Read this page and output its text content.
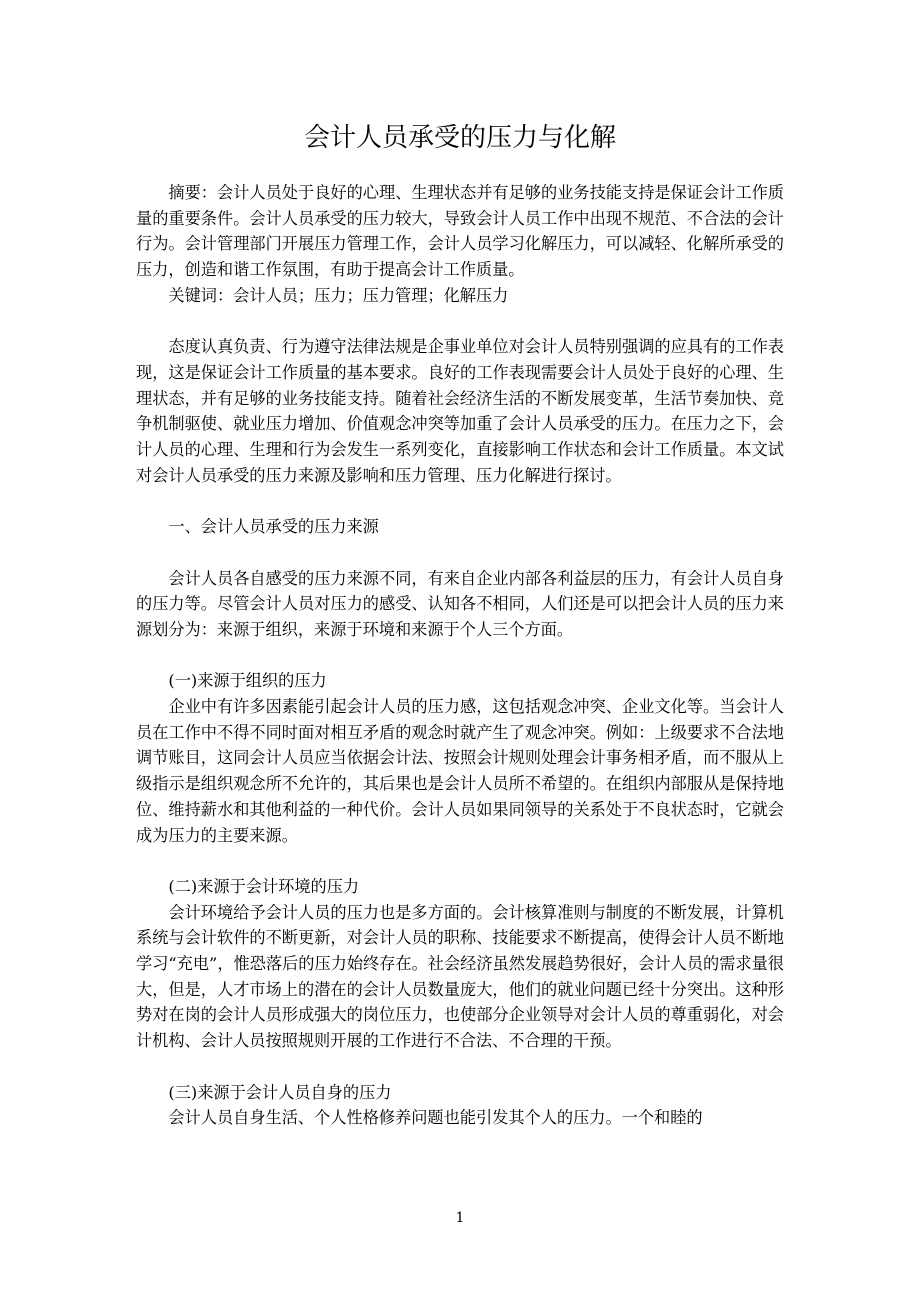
会计人员承受的压力与化解

摘要：会计人员处于良好的心理、生理状态并有足够的业务技能支持是保证会计工作质量的重要条件。会计人员承受的压力较大，导致会计人员工作中出现不规范、不合法的会计行为。会计管理部门开展压力管理工作，会计人员学习化解压力，可以减轻、化解所承受的压力，创造和谐工作氛围，有助于提高会计工作质量。

关键词：会计人员；压力；压力管理；化解压力

态度认真负责、行为遵守法律法规是企事业单位对会计人员特别强调的应具有的工作表现，这是保证会计工作质量的基本要求。良好的工作表现需要会计人员处于良好的心理、生理状态，并有足够的业务技能支持。随着社会经济生活的不断发展变革，生活节奏加快、竞争机制驱使、就业压力增加、价值观念冲突等加重了会计人员承受的压力。在压力之下，会计人员的心理、生理和行为会发生一系列变化，直接影响工作状态和会计工作质量。本文试对会计人员承受的压力来源及影响和压力管理、压力化解进行探讨。

一、会计人员承受的压力来源

会计人员各自感受的压力来源不同，有来自企业内部各利益层的压力，有会计人员自身的压力等。尽管会计人员对压力的感受、认知各不相同，人们还是可以把会计人员的压力来源划分为：来源于组织，来源于环境和来源于个人三个方面。

(一)来源于组织的压力

企业中有许多因素能引起会计人员的压力感，这包括观念冲突、企业文化等。当会计人员在工作中不得不同时面对相互矛盾的观念时就产生了观念冲突。例如：上级要求不合法地调节账目，这同会计人员应当依据会计法、按照会计规则处理会计事务相矛盾，而不服从上级指示是组织观念所不允许的，其后果也是会计人员所不希望的。在组织内部服从是保持地位、维持薪水和其他利益的一种代价。会计人员如果同领导的关系处于不良状态时，它就会成为压力的主要来源。

(二)来源于会计环境的压力

会计环境给予会计人员的压力也是多方面的。会计核算准则与制度的不断发展，计算机系统与会计软件的不断更新，对会计人员的职称、技能要求不断提高，使得会计人员不断地学习“充电”，惟恐落后的压力始终存在。社会经济虽然发展趋势很好，会计人员的需求量很大，但是，人才市场上的潜在的会计人员数量庞大，他们的就业问题已经十分突出。这种形势对在岗的会计人员形成强大的岗位压力，也使部分企业领导对会计人员的尊重弱化，对会计机构、会计人员按照规则开展的工作进行不合法、不合理的干预。

(三)来源于会计人员自身的压力

会计人员自身生活、个人性格修养问题也能引发其个人的压力。一个和睦的

1
